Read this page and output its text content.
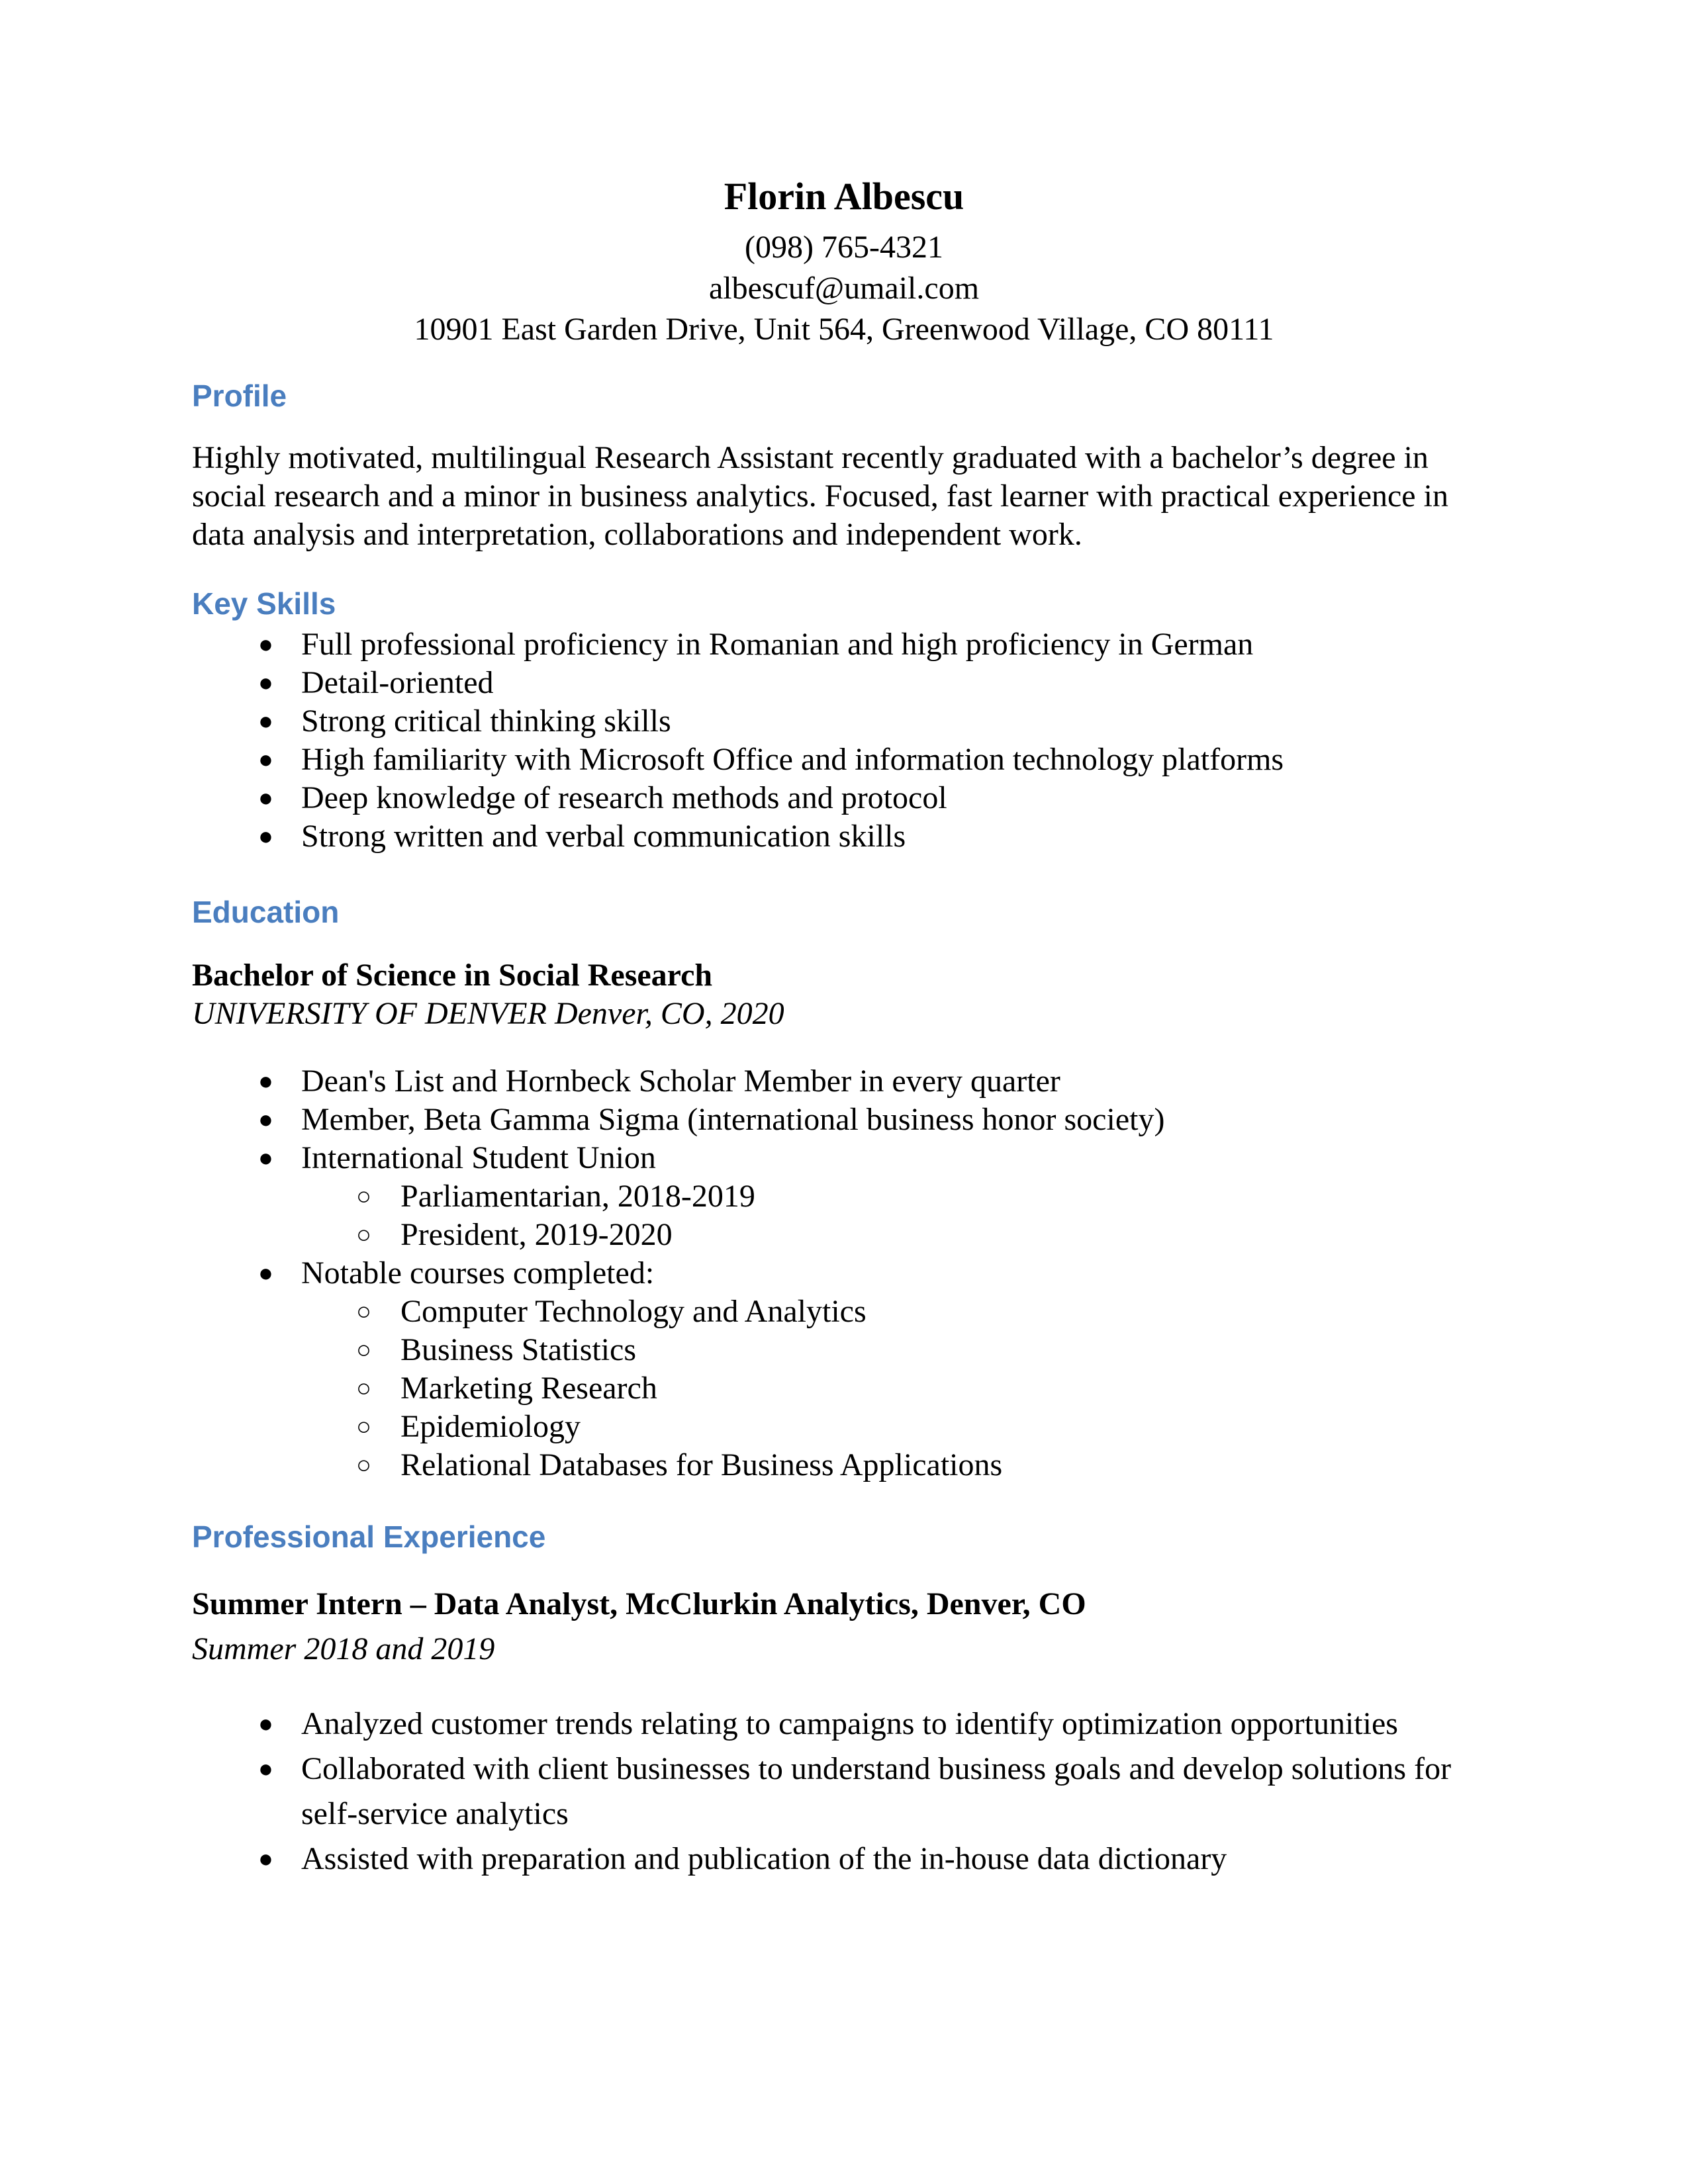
Florin Albescu
(098) 765-4321
albescuf@umail.com
10901 East Garden Drive, Unit 564, Greenwood Village, CO 80111
Profile

Highly motivated, multilingual Research Assistant recently graduated with a bachelor’s degree in social research and a minor in business analytics. Focused, fast learner with practical experience in data analysis and interpretation, collaborations and independent work.

Key Skills
● Full professional proficiency in Romanian and high proficiency in German
● Detail-oriented
● Strong critical thinking skills
● High familiarity with Microsoft Office and information technology platforms
● Deep knowledge of research methods and protocol
● Strong written and verbal communication skills
Education

Bachelor of Science in Social Research

UNIVERSITY OF DENVER Denver, CO, 2020

● Dean's List and Hornbeck Scholar Member in every quarter
● Member, Beta Gamma Sigma (international business honor society)
● International Student Union
○ Parliamentarian, 2018-2019
○ President, 2019-2020
● Notable courses completed:
○ Computer Technology and Analytics
○ Business Statistics
○ Marketing Research
○ Epidemiology
○ Relational Databases for Business Applications
Professional Experience

Summer Intern – Data Analyst, McClurkin Analytics, Denver, CO

Summer 2018 and 2019

● Analyzed customer trends relating to campaigns to identify optimization opportunities
● Collaborated with client businesses to understand business goals and develop solutions for self-service analytics
● Assisted with preparation and publication of the in-house data dictionary
